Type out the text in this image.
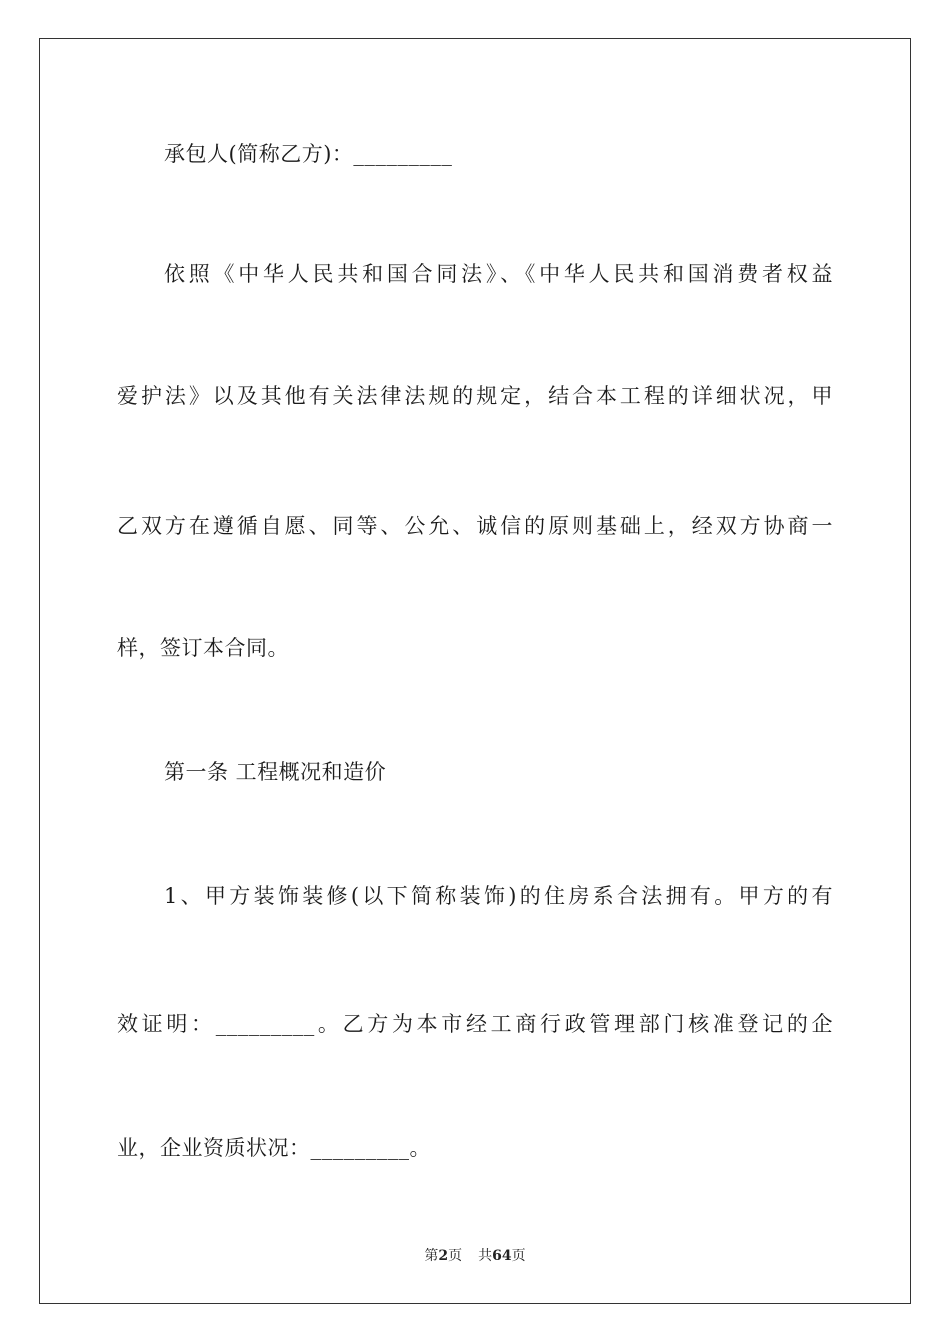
承包人(简称乙方)：_________
依照《中华人民共和国合同法》、《中华人民共和国消费者权益
爱护法》以及其他有关法律法规的规定，结合本工程的详细状况，甲
乙双方在遵循自愿、同等、公允、诚信的原则基础上，经双方协商一
样，签订本合同。
第一条 工程概况和造价
1、甲方装饰装修(以下简称装饰)的住房系合法拥有。甲方的有
效证明：_________。乙方为本市经工商行政管理部门核准登记的企
业，企业资质状况：_________。
第2页 共64页
